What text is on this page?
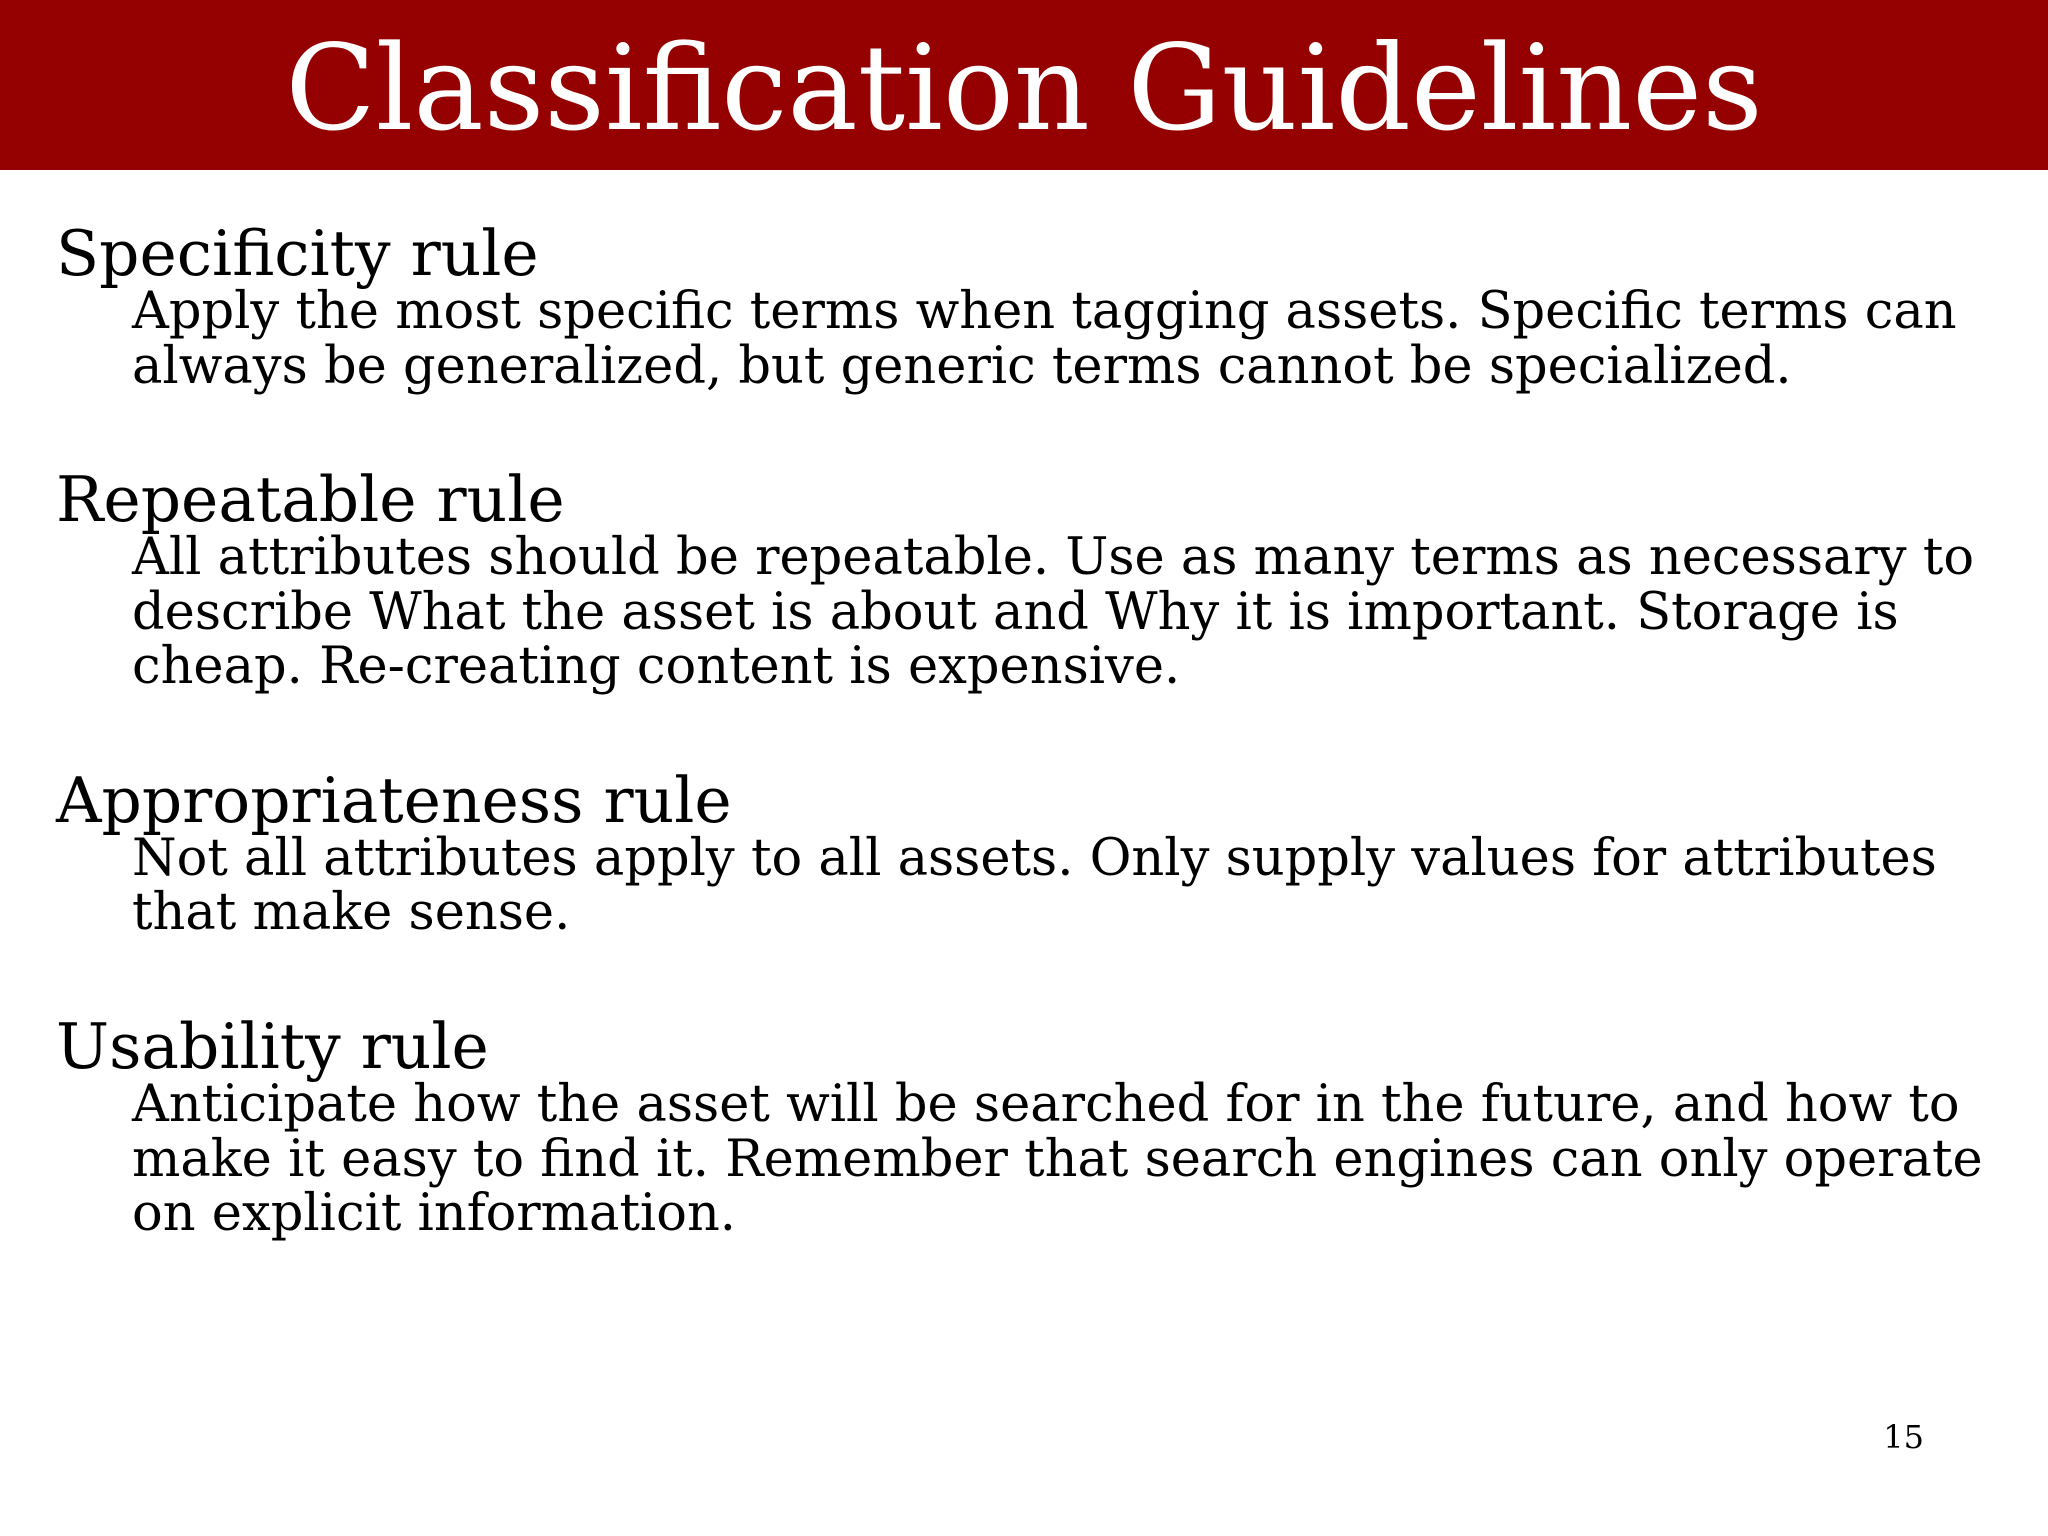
Classification Guidelines

Specificity rule

Apply the most specific terms when tagging assets. Specific terms can always be generalized, but generic terms cannot be specialized.

Repeatable rule

All attributes should be repeatable. Use as many terms as necessary to describe What the asset is about and Why it is important. Storage is cheap. Re-creating content is expensive.

Appropriateness rule

Not all attributes apply to all assets. Only supply values for attributes that make sense.

Usability rule

Anticipate how the asset will be searched for in the future, and how to make it easy to find it. Remember that search engines can only operate on explicit information.

15
